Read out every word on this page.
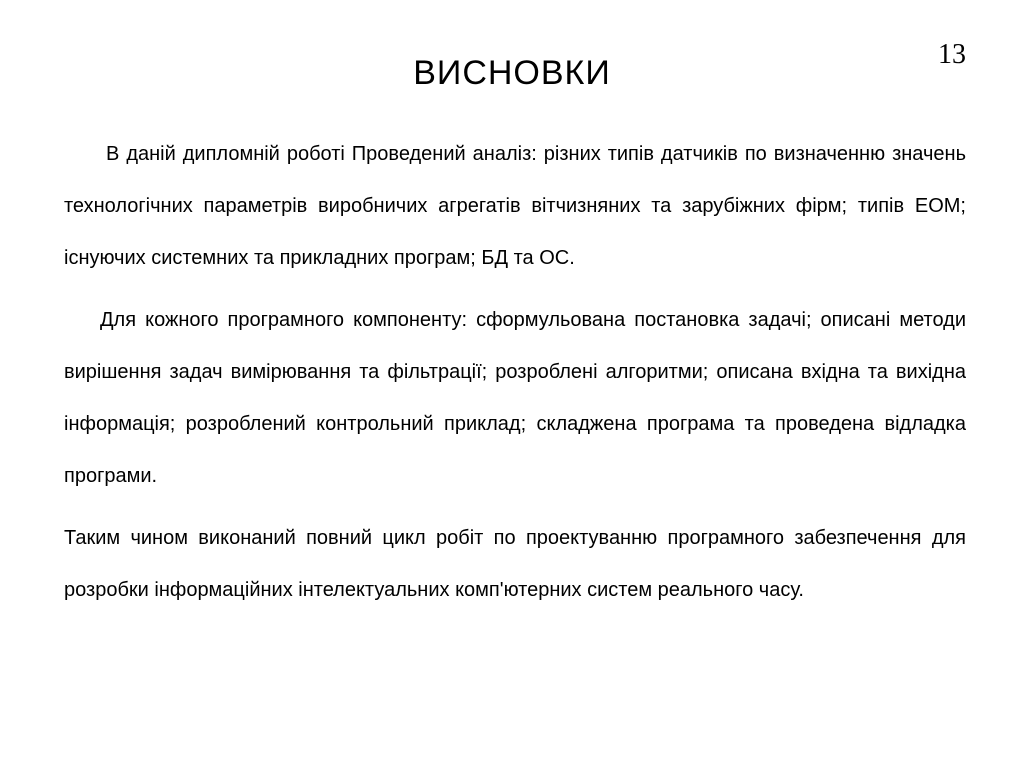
13
ВИСНОВКИ

В даній дипломній роботі Проведений аналіз: різних типів датчиків по визначенню значень технологічних параметрів виробничих агрегатів вітчизняних та зарубіжних фірм; типів ЕОМ; існуючих системних та прикладних програм; БД та ОС.

Для кожного програмного компоненту: сформульована постановка задачі; описані методи вирішення задач вимірювання та фільтрації; розроблені алгоритми; описана вхідна та вихідна інформація; розроблений контрольний приклад; складжена програма та проведена відладка програми.

Таким чином виконаний повний цикл робіт по проектуванню програмного забезпечення для розробки інформаційних інтелектуальних комп'ютерних систем реального часу.
